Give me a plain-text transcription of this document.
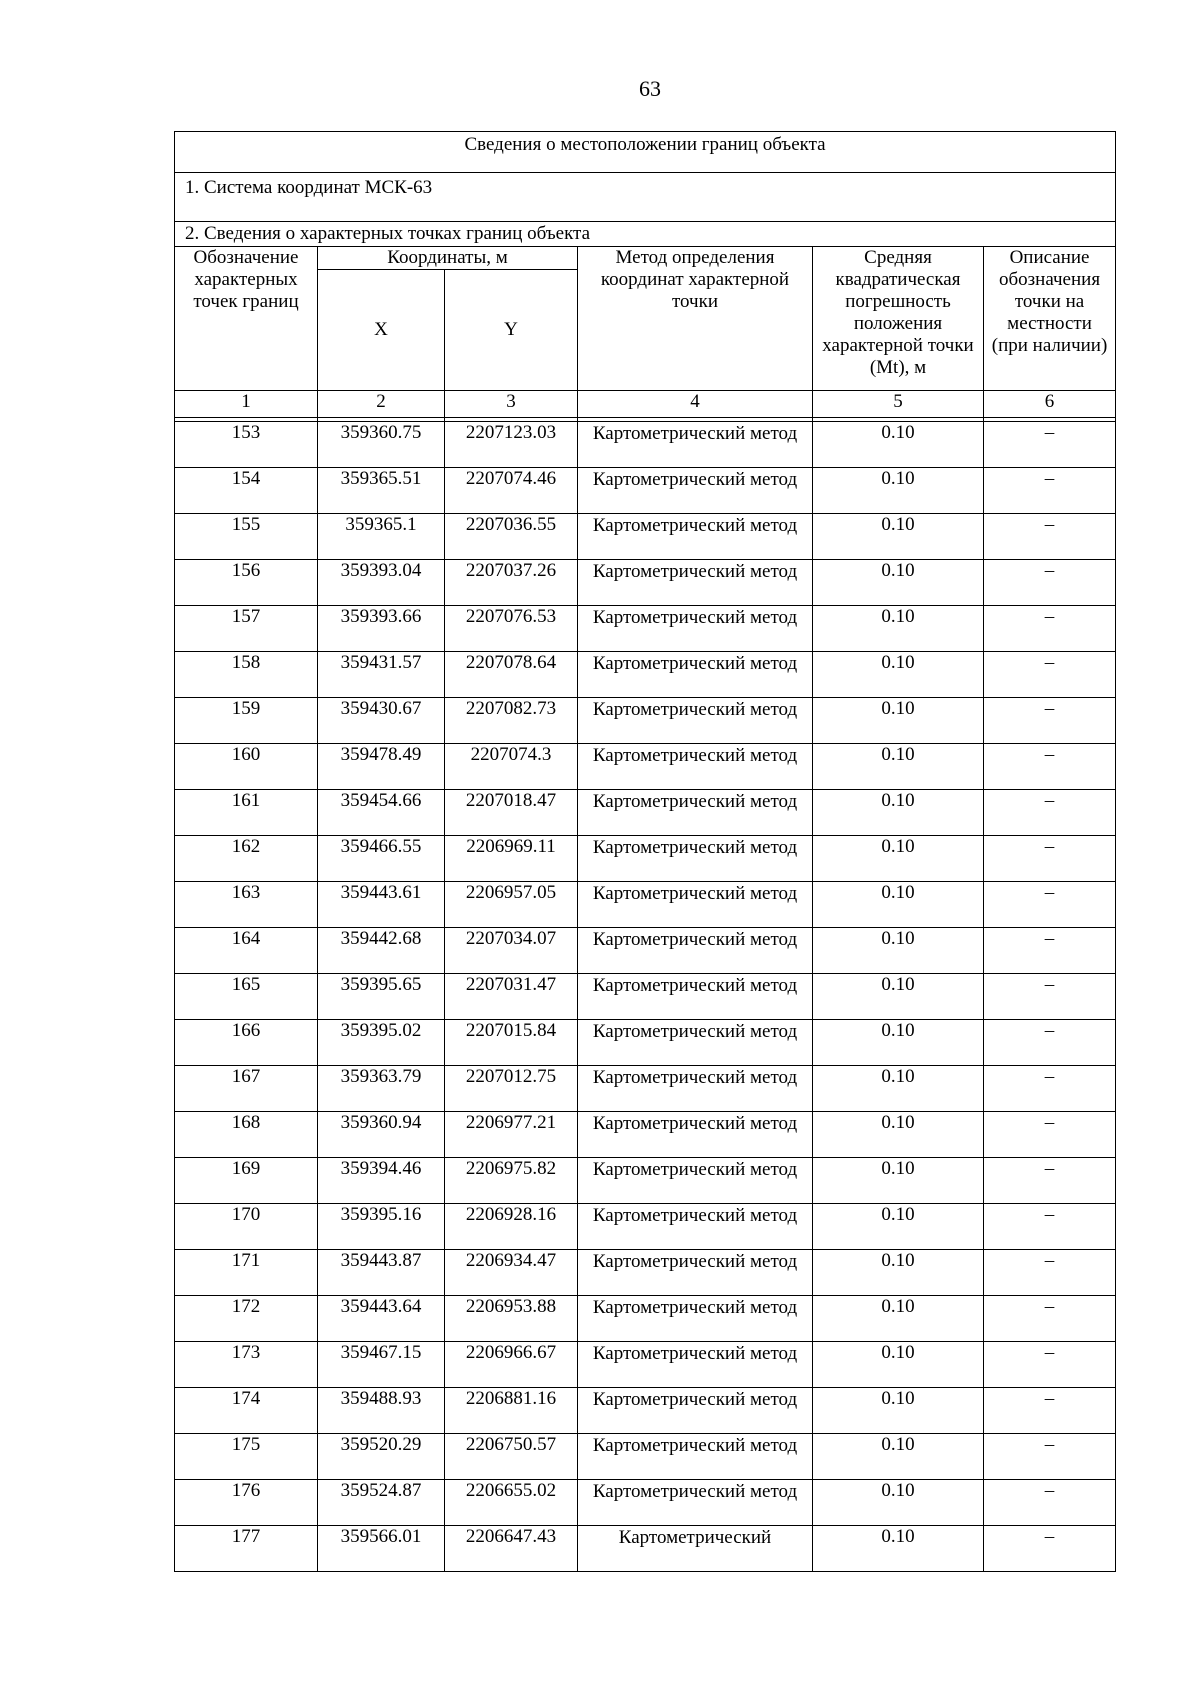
63
Сведения о местоположении границ объекта					
1. Система координат МСК-63					
2. Сведения о характерных точках границ объекта					
Обозначение характерных точек границ	Координаты, м		Метод определения координат характерной точки	Средняя квадратическая погрешность положения характерной точки (Mt), м	Описание обозначения точки на местности (при наличии)
	X	Y			
1	2	3	4	5	6

153	359360.75	2207123.03	Картометрический метод	0.10	–
154	359365.51	2207074.46	Картометрический метод	0.10	–
155	359365.1	2207036.55	Картометрический метод	0.10	–
156	359393.04	2207037.26	Картометрический метод	0.10	–
157	359393.66	2207076.53	Картометрический метод	0.10	–
158	359431.57	2207078.64	Картометрический метод	0.10	–
159	359430.67	2207082.73	Картометрический метод	0.10	–
160	359478.49	2207074.3	Картометрический метод	0.10	–
161	359454.66	2207018.47	Картометрический метод	0.10	–
162	359466.55	2206969.11	Картометрический метод	0.10	–
163	359443.61	2206957.05	Картометрический метод	0.10	–
164	359442.68	2207034.07	Картометрический метод	0.10	–
165	359395.65	2207031.47	Картометрический метод	0.10	–
166	359395.02	2207015.84	Картометрический метод	0.10	–
167	359363.79	2207012.75	Картометрический метод	0.10	–
168	359360.94	2206977.21	Картометрический метод	0.10	–
169	359394.46	2206975.82	Картометрический метод	0.10	–
170	359395.16	2206928.16	Картометрический метод	0.10	–
171	359443.87	2206934.47	Картометрический метод	0.10	–
172	359443.64	2206953.88	Картометрический метод	0.10	–
173	359467.15	2206966.67	Картометрический метод	0.10	–
174	359488.93	2206881.16	Картометрический метод	0.10	–
175	359520.29	2206750.57	Картометрический метод	0.10	–
176	359524.87	2206655.02	Картометрический метод	0.10	–
177	359566.01	2206647.43	Картометрический	0.10	–
